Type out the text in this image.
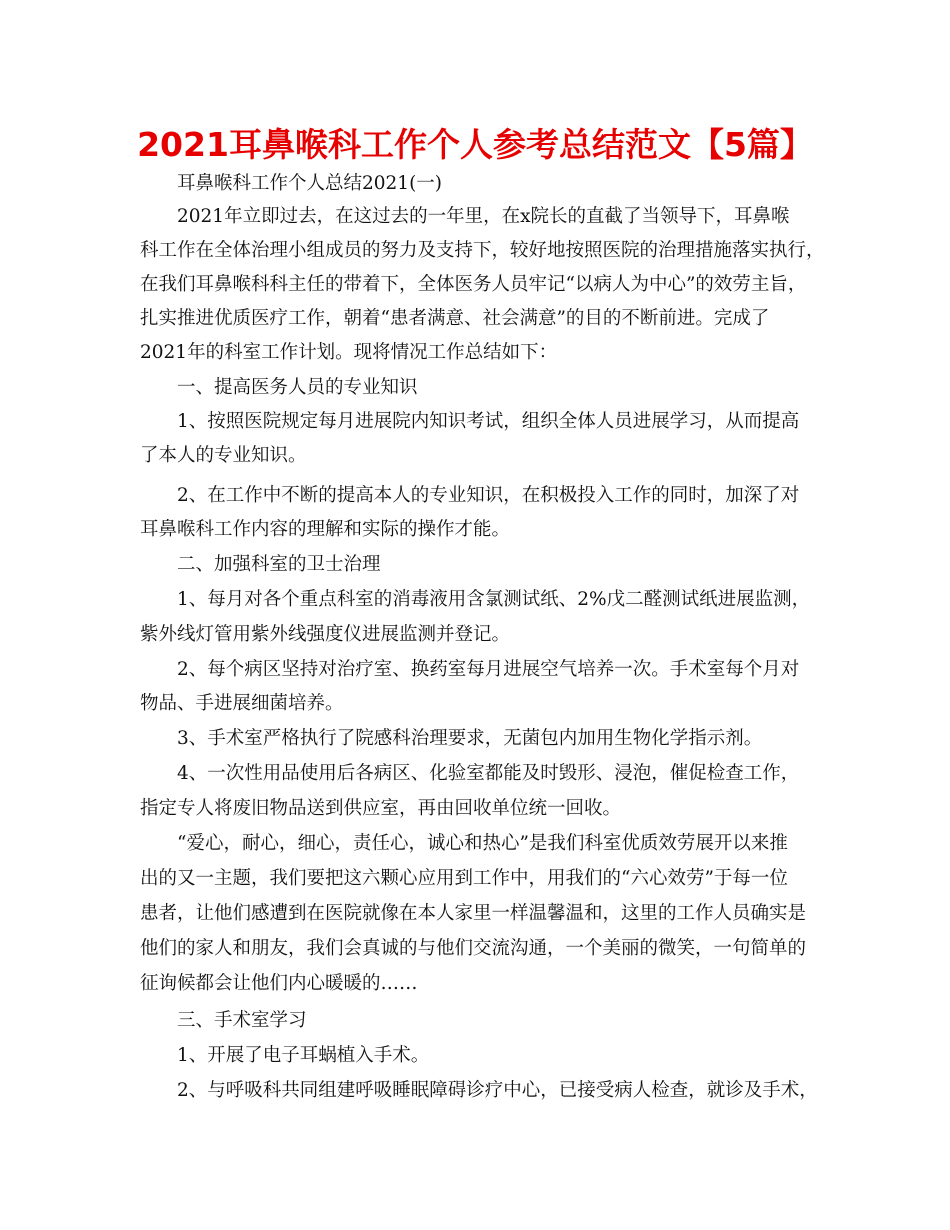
2021耳鼻喉科工作个人参考总结范文【5篇】
耳鼻喉科工作个人总结2021(一)
2021年立即过去，在这过去的一年里，在x院长的直截了当领导下，耳鼻喉
科工作在全体治理小组成员的努力及支持下，较好地按照医院的治理措施落实执行，
在我们耳鼻喉科科主任的带着下，全体医务人员牢记“以病人为中心”的效劳主旨，
扎实推进优质医疗工作，朝着“患者满意、社会满意”的目的不断前进。完成了
2021年的科室工作计划。现将情况工作总结如下：
一、提高医务人员的专业知识
1、按照医院规定每月进展院内知识考试，组织全体人员进展学习，从而提高
了本人的专业知识。
2、在工作中不断的提高本人的专业知识，在积极投入工作的同时，加深了对
耳鼻喉科工作内容的理解和实际的操作才能。
二、加强科室的卫士治理
1、每月对各个重点科室的消毒液用含氯测试纸、2%戊二醛测试纸进展监测，
紫外线灯管用紫外线强度仪进展监测并登记。
2、每个病区坚持对治疗室、换药室每月进展空气培养一次。手术室每个月对
物品、手进展细菌培养。
3、手术室严格执行了院感科治理要求，无菌包内加用生物化学指示剂。
4、一次性用品使用后各病区、化验室都能及时毁形、浸泡，催促检查工作，
指定专人将废旧物品送到供应室，再由回收单位统一回收。
“爱心，耐心，细心，责任心，诚心和热心”是我们科室优质效劳展开以来推
出的又一主题，我们要把这六颗心应用到工作中，用我们的“六心效劳”于每一位
患者，让他们感遭到在医院就像在本人家里一样温馨温和，这里的工作人员确实是
他们的家人和朋友，我们会真诚的与他们交流沟通，一个美丽的微笑，一句简单的
征询候都会让他们内心暖暖的……
三、手术室学习
1、开展了电子耳蜗植入手术。
2、与呼吸科共同组建呼吸睡眠障碍诊疗中心，已接受病人检查，就诊及手术，
